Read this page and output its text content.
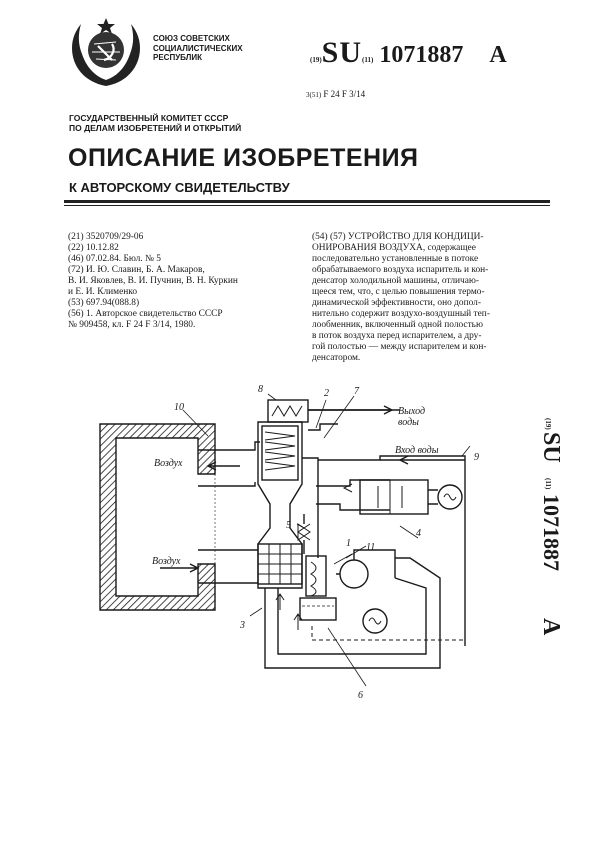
СОЮЗ СОВЕТСКИХ
СОЦИАЛИСТИЧЕСКИХ
РЕСПУБЛИК	(19)SU(11) 1071887 A
3(51) F 24 F 3/14
ГОСУДАРСТВЕННЫЙ КОМИТЕТ СССР
ПО ДЕЛАМ ИЗОБРЕТЕНИЙ И ОТКРЫТИЙ
ОПИСАНИЕ ИЗОБРЕТЕНИЯ
К АВТОРСКОМУ СВИДЕТЕЛЬСТВУ
(21) 3520709/29-06
(22) 10.12.82
(46) 07.02.84. Бюл. № 5
(72) И. Ю. Славин, Б. А. Макаров,
В. И. Яковлев, В. И. Пучнин, В. Н. Куркин
и Е. И. Клименко
(53) 697.94(088.8)
(56) 1. Авторское свидетельство СССР
№ 909458, кл. F 24 F 3/14, 1980.
(54) (57) УСТРОЙСТВО ДЛЯ КОНДИЦИ-
ОНИРОВАНИЯ ВОЗДУХА, содержащее
последовательно установленные в потоке
обрабатываемого воздуха испаритель и кон-
денсатор холодильной машины, отличаю-
щееся тем, что, с целью повышения термо-
динамической эффективности, оно допол-
нительно содержит воздухо-воздушный теп-
лообменник, включенный одной полостью
в поток воздуха перед испарителем, а дру-
гой полостью — между испарителем и кон-
денсатором.
Воздух
Воздух
Выход
воды
Вход воды
10
8	2	7
9
4
5
1 11
3
6
(19)
SU
(11)
1071887
A
